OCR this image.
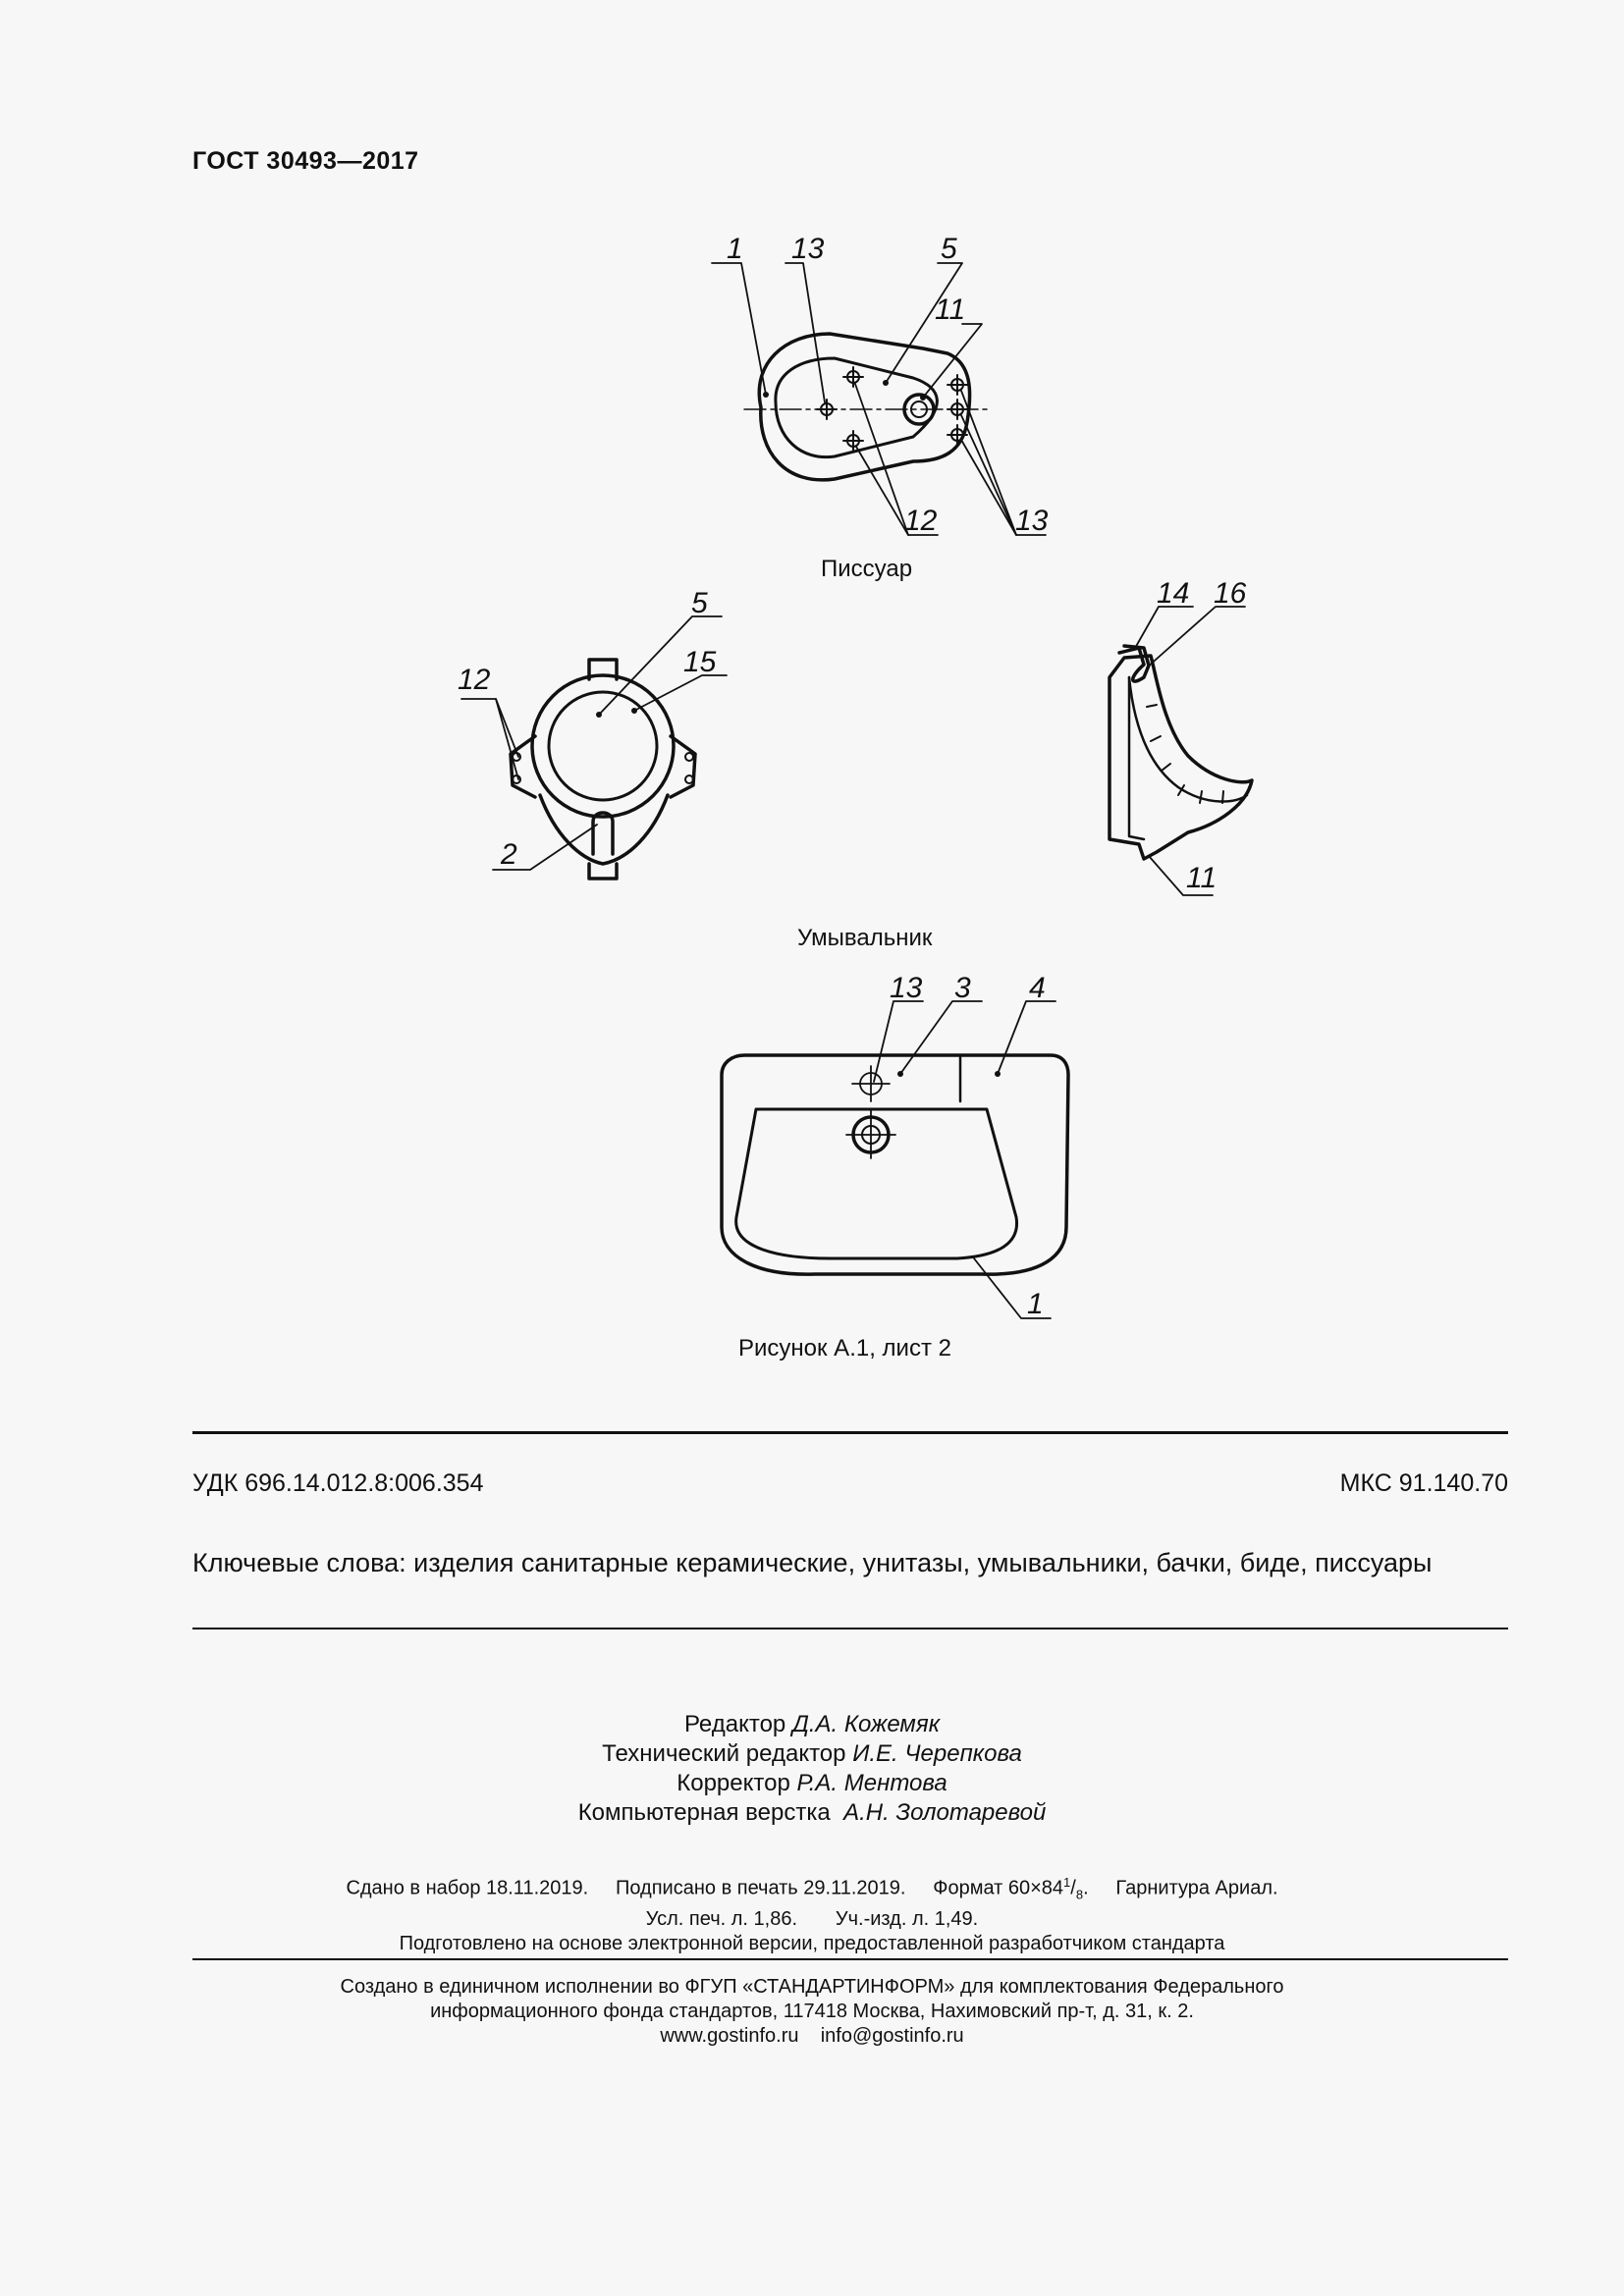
ГОСТ 30493—2017
1 13	5
11
12	13
5
15
12
2
14 16
11
13 3 4
1
Писсуар
Умывальник
Рисунок А.1, лист 2
УДК 696.14.012.8:006.354	МКС 91.140.70
Ключевые слова: изделия санитарные керамические, унитазы, умывальники, бачки, биде, писсуары
Редактор Д.А. Кожемяк
Технический редактор И.Е. Черепкова
Корректор Р.А. Ментова
Компьютерная верстка А.Н. Золотаревой
Сдано в набор 18.11.2019. Подписано в печать 29.11.2019. Формат $60\times 84^1/_8$. Гарнитура Ариал.
Усл. печ. л. 1,86. Уч.-изд. л. 1,49.
Подготовлено на основе электронной версии, предоставленной разработчиком стандарта
Создано в единичном исполнении во ФГУП «СТАНДАРТИНФОРМ» для комплектования Федерального
информационного фонда стандартов, 117418 Москва, Нахимовский пр-т, д. 31, к. 2.
www.gostinfo.ru info@gostinfo.ru
